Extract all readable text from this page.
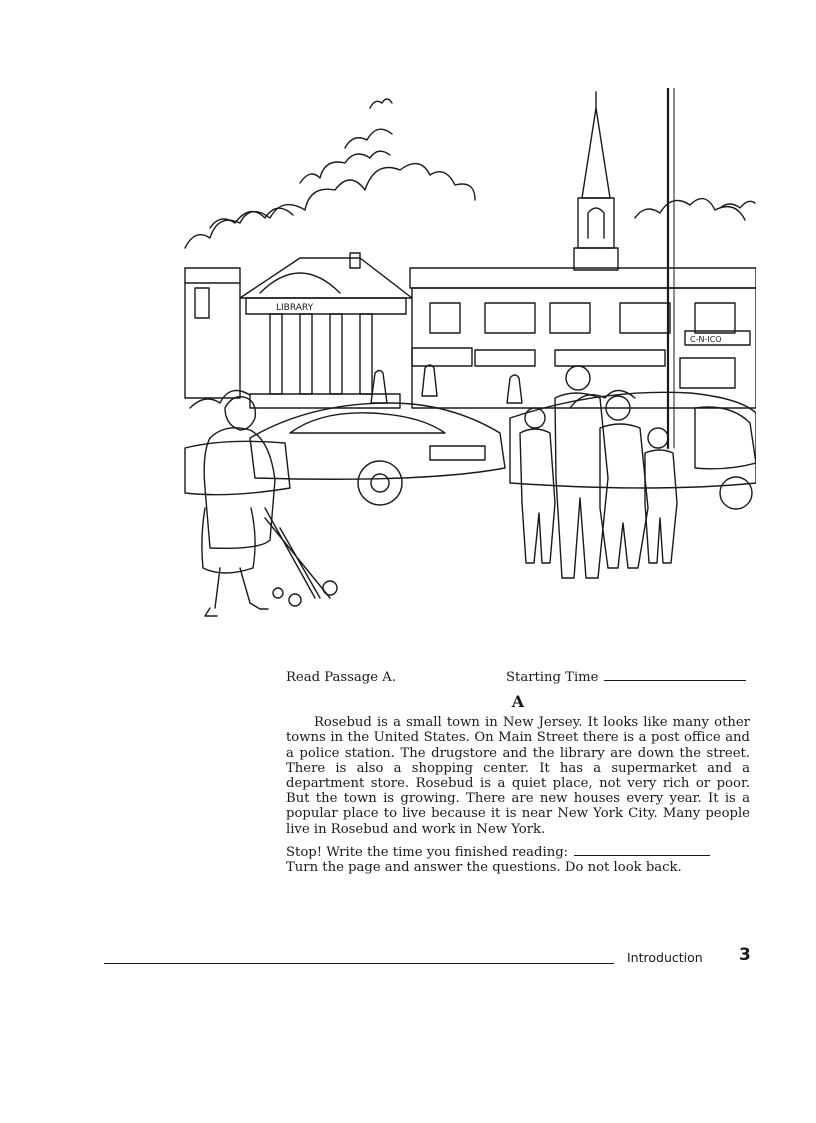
LIBRARY
C-N-ICO
Read Passage A.	Starting Time
A

Rosebud is a small town in New Jersey. It looks like many other towns in the United States. On Main Street there is a post office and a police station. The drugstore and the library are down the street. There is also a shopping center. It has a supermarket and a department store. Rosebud is a quiet place, not very rich or poor. But the town is growing. There are new houses every year. It is a popular place to live because it is near New York City. Many people live in Rosebud and work in New York.

Stop! Write the time you finished reading:
Turn the page and answer the questions. Do not look back.
Introduction 3
